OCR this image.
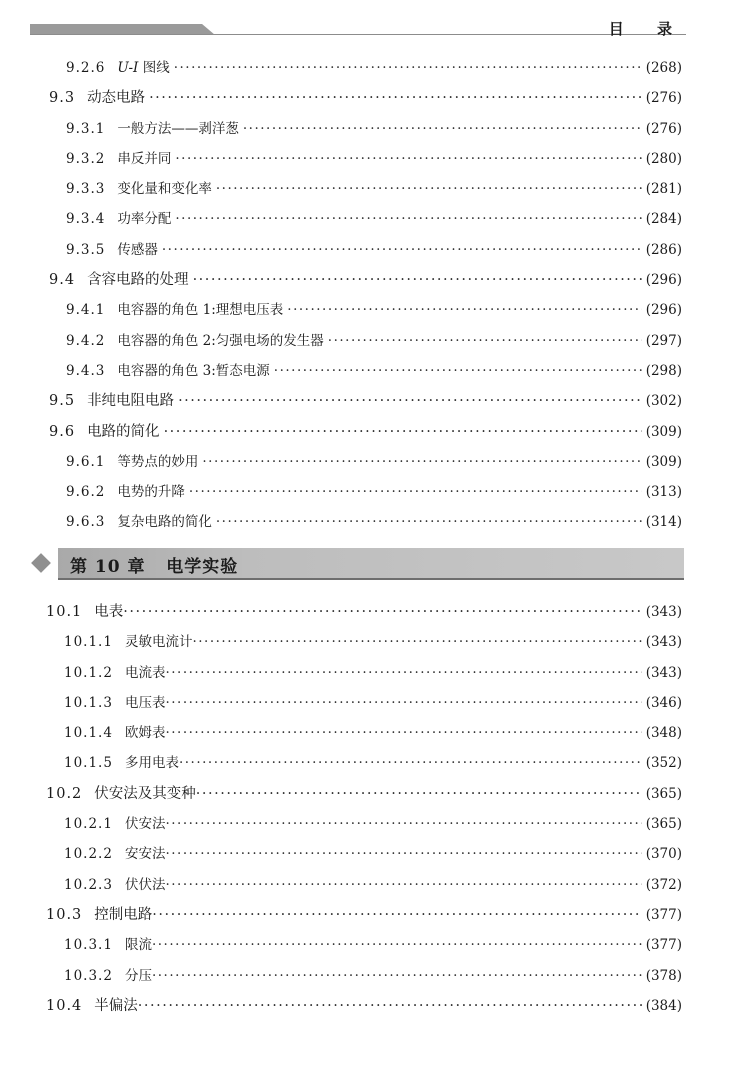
目 录
9.2.6 U-I 图线 ·····	(268)
9.3 动态电路 ·····	(276)
9.3.1 一般方法——剥洋葱 ·····	(276)
9.3.2 串反并同 ·····	(280)
9.3.3 变化量和变化率 ·····	(281)
9.3.4 功率分配 ·····	(284)
9.3.5 传感器 ·····	(286)
9.4 含容电路的处理 ·····	(296)
9.4.1 电容器的角色 1:理想电压表 ·····	(296)
9.4.2 电容器的角色 2:匀强电场的发生器 ·····	(297)
9.4.3 电容器的角色 3:暂态电源 ·····	(298)
9.5 非纯电阻电路 ·····	(302)
9.6 电路的简化 ·····	(309)
9.6.1 等势点的妙用 ·····	(309)
9.6.2 电势的升降 ·····	(313)
9.6.3 复杂电路的简化 ·····	(314)
第 10 章   电学实验
10.1 电表 ·····	(343)
10.1.1 灵敏电流计 ·····	(343)
10.1.2 电流表 ·····	(343)
10.1.3 电压表 ·····	(346)
10.1.4 欧姆表 ·····	(348)
10.1.5 多用电表 ·····	(352)
10.2 伏安法及其变种 ·····	(365)
10.2.1 伏安法 ·····	(365)
10.2.2 安安法 ·····	(370)
10.2.3 伏伏法 ·····	(372)
10.3 控制电路 ·····	(377)
10.3.1 限流 ·····	(377)
10.3.2 分压 ·····	(378)
10.4 半偏法 ·····	(384)
